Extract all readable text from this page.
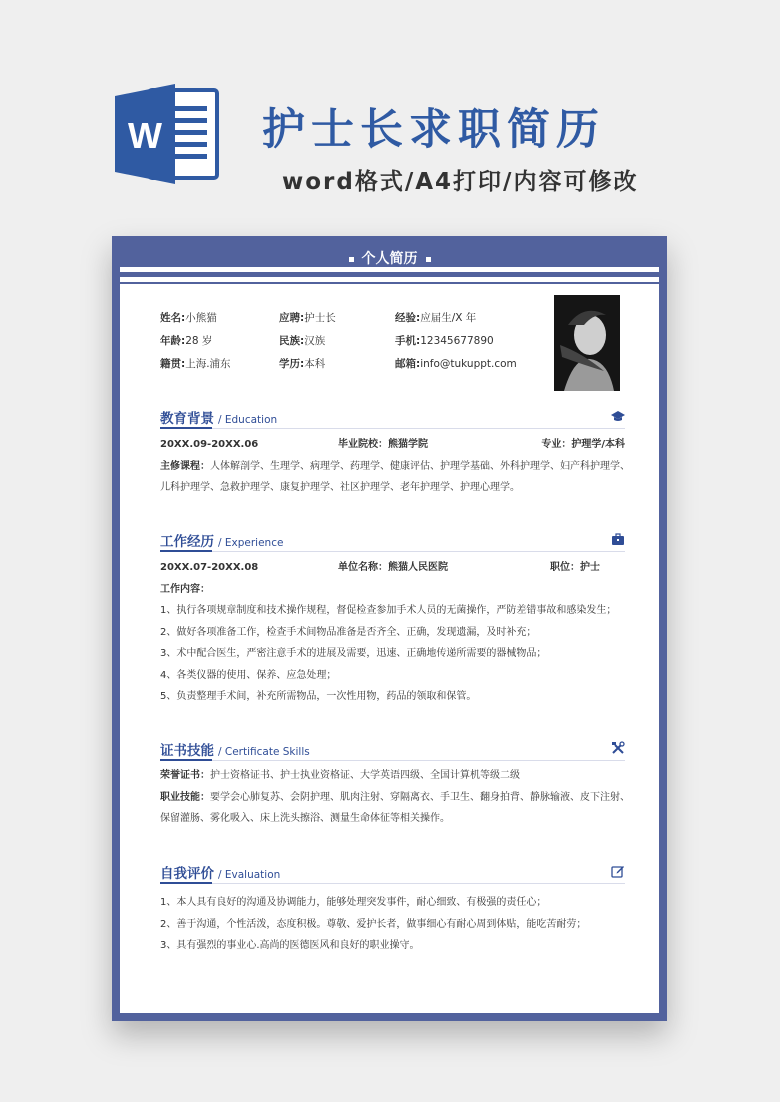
W 护士长求职简历
word格式/A4打印/内容可修改
个人简历
姓名:小熊猫	应聘:护士长	经验:应届生/X 年
年龄:28 岁	民族:汉族	手机:12345677890
籍贯:上海.浦东	学历:本科	邮箱:info@tukuppt.com
教育背景 / Education
20XX.09-20XX.06	毕业院校：熊猫学院	专业：护理学/本科
主修课程：人体解剖学、生理学、病理学、药理学、健康评估、护理学基础、外科护理学、妇产科护理学、
儿科护理学、急救护理学、康复护理学、社区护理学、老年护理学、护理心理学。
工作经历 / Experience
20XX.07-20XX.08	单位名称：熊猫人民医院	职位：护士
工作内容：
1、执行各项规章制度和技术操作规程，督促检查参加手术人员的无菌操作，严防差错事故和感染发生；
2、做好各项准备工作，检查手术间物品准备是否齐全、正确，发现遗漏，及时补充；
3、术中配合医生，严密注意手术的进展及需要，迅速、正确地传递所需要的器械物品；
4、各类仪器的使用、保养、应急处理；
5、负责整理手术间，补充所需物品，一次性用物，药品的领取和保管。
证书技能 / Certificate Skills
荣誉证书：护士资格证书、护士执业资格证、大学英语四级、全国计算机等级二级
职业技能：要学会心肺复苏、会阴护理、肌肉注射、穿隔离衣、手卫生、翻身拍背、静脉输液、皮下注射、
保留灌肠、雾化吸入、床上洗头擦浴、测量生命体征等相关操作。
自我评价 / Evaluation
1、本人具有良好的沟通及协调能力，能够处理突发事件，耐心细致、有极强的责任心；
2、善于沟通，个性活泼，态度积极。尊敬、爱护长者，做事细心有耐心周到体贴，能吃苦耐劳；
3、具有强烈的事业心.高尚的医德医风和良好的职业操守。
